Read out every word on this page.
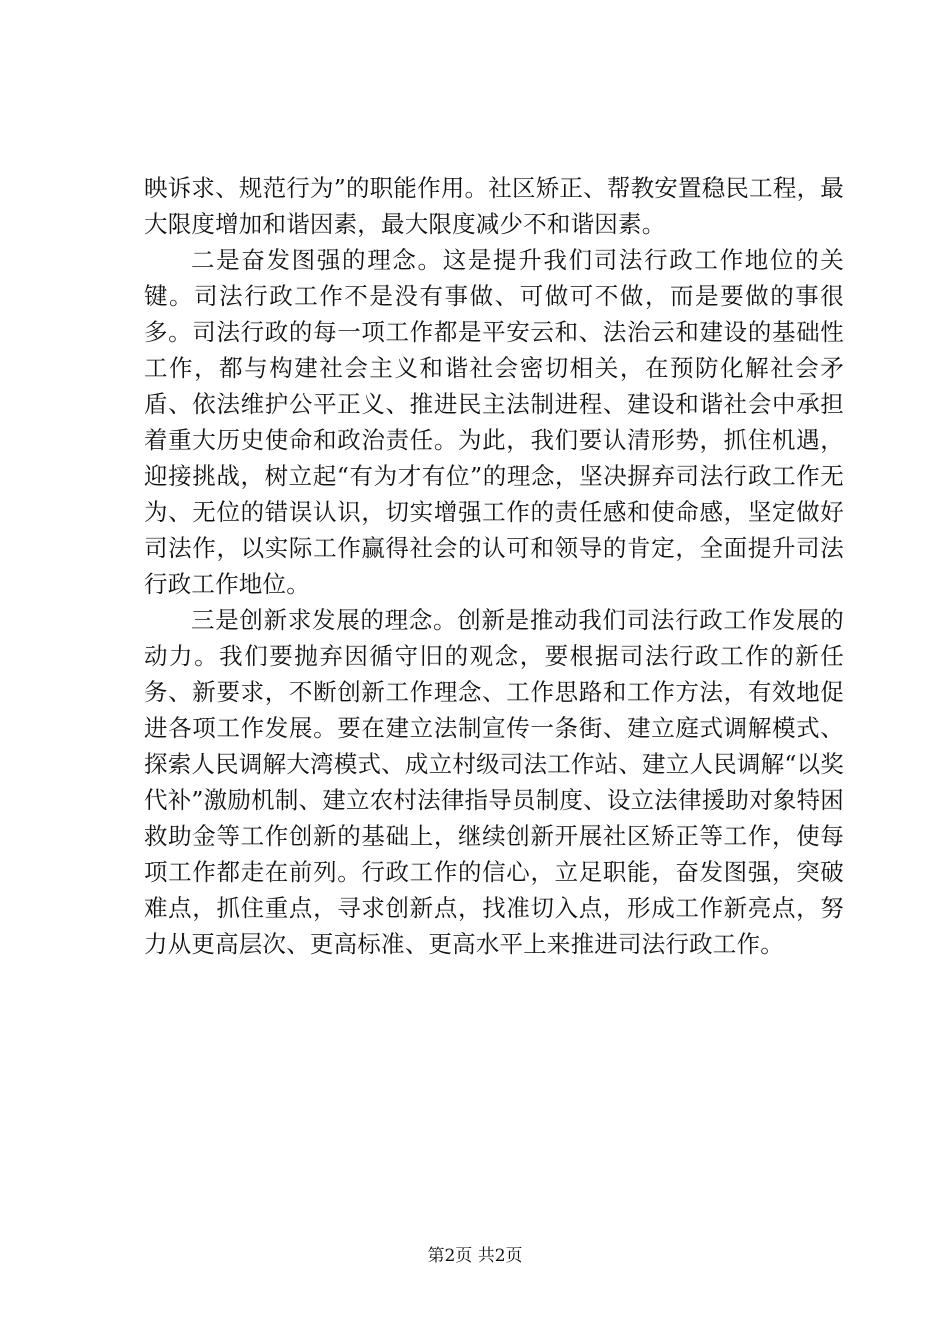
映诉求、规范行为”的职能作用。社区矫正、帮教安置稳民工程，最大限度增加和谐因素，最大限度减少不和谐因素。

二是奋发图强的理念。这是提升我们司法行政工作地位的关键。司法行政工作不是没有事做、可做可不做，而是要做的事很多。司法行政的每一项工作都是平安云和、法治云和建设的基础性工作，都与构建社会主义和谐社会密切相关，在预防化解社会矛盾、依法维护公平正义、推进民主法制进程、建设和谐社会中承担着重大历史使命和政治责任。为此，我们要认清形势，抓住机遇，迎接挑战，树立起“有为才有位”的理念，坚决摒弃司法行政工作无为、无位的错误认识，切实增强工作的责任感和使命感，坚定做好司法作，以实际工作赢得社会的认可和领导的肯定，全面提升司法行政工作地位。

三是创新求发展的理念。创新是推动我们司法行政工作发展的动力。我们要抛弃因循守旧的观念，要根据司法行政工作的新任务、新要求，不断创新工作理念、工作思路和工作方法，有效地促进各项工作发展。要在建立法制宣传一条街、建立庭式调解模式、探索人民调解大湾模式、成立村级司法工作站、建立人民调解“以奖代补”激励机制、建立农村法律指导员制度、设立法律援助对象特困救助金等工作创新的基础上，继续创新开展社区矫正等工作，使每项工作都走在前列。行政工作的信心，立足职能，奋发图强，突破难点，抓住重点，寻求创新点，找准切入点，形成工作新亮点，努力从更高层次、更高标准、更高水平上来推进司法行政工作。

第2页 共2页
